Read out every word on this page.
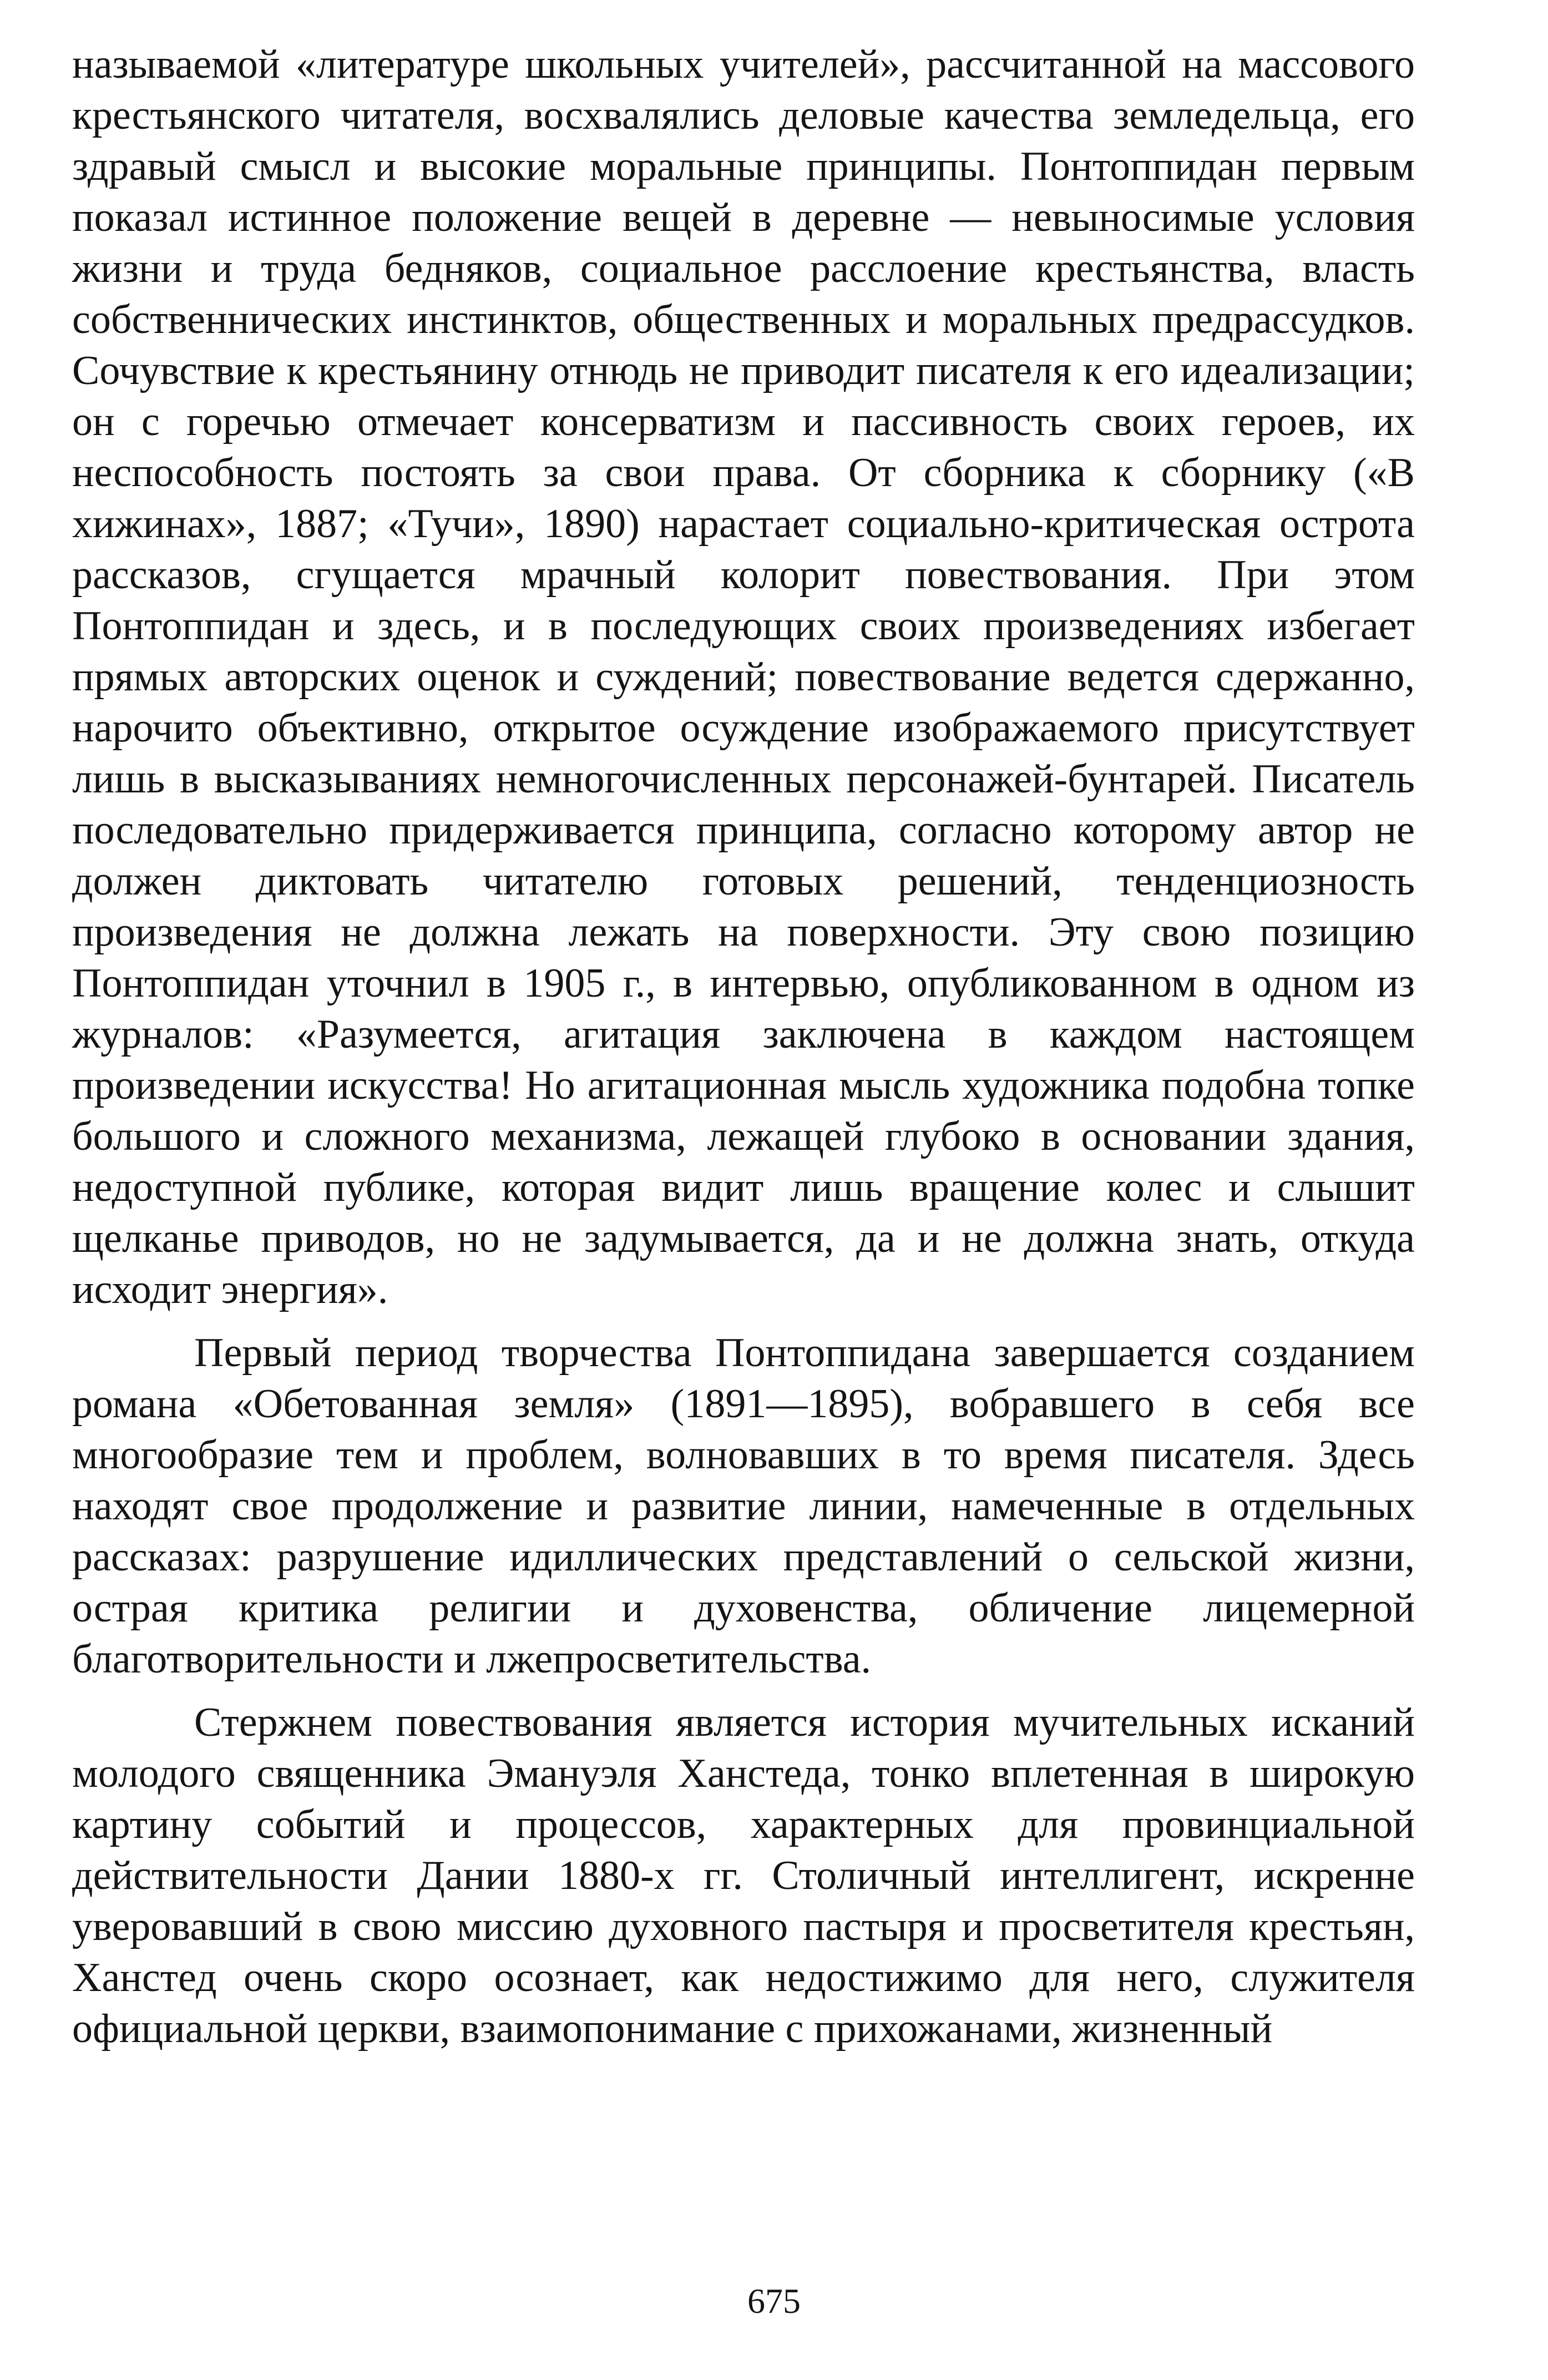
называемой «литературе школьных учителей», рассчитанной на массового крестьянского читателя, восхвалялись деловые качества земледельца, его здравый смысл и высокие моральные принципы. Понтоппидан первым показал истинное положение вещей в деревне — невыносимые условия жизни и труда бедняков, социальное расслоение крестьянства, власть собственнических инстинктов, общественных и моральных предрассудков. Сочувствие к крестьянину отнюдь не приводит писателя к его идеализации; он с горечью отмечает консерватизм и пассивность своих героев, их неспособность постоять за свои права. От сборника к сборнику («В хижинах», 1887; «Тучи», 1890) нарастает социально-критическая острота рассказов, сгущается мрачный колорит повествования. При этом Понтоппидан и здесь, и в последующих своих произведениях избегает прямых авторских оценок и суждений; повествование ведется сдержанно, нарочито объективно, открытое осуждение изображаемого присутствует лишь в высказываниях немногочисленных персонажей-бунтарей. Писатель последовательно придерживается принципа, согласно которому автор не должен диктовать читателю готовых решений, тенденциозность произведения не должна лежать на поверхности. Эту свою позицию Понтоппидан уточнил в 1905 г., в интервью, опубликованном в одном из журналов: «Разумеется, агитация заключена в каждом настоящем произведении искусства! Но агитационная мысль художника подобна топке большого и сложного механизма, лежащей глубоко в основании здания, недоступной публике, которая видит лишь вращение колес и слышит щелканье приводов, но не задумывается, да и не должна знать, откуда исходит энергия».

Первый период творчества Понтоппидана завершается созданием романа «Обетованная земля» (1891—1895), вобравшего в себя все многообразие тем и проблем, волновавших в то время писателя. Здесь находят свое продолжение и развитие линии, намеченные в отдельных рассказах: разрушение идиллических представлений о сельской жизни, острая критика религии и духовенства, обличение лицемерной благотворительности и лжепросветительства.

Стержнем повествования является история мучительных исканий молодого священника Эмануэля Ханстеда, тонко вплетенная в широкую картину событий и процессов, характерных для провинциальной действительности Дании 1880-х гг. Столичный интеллигент, искренне уверовавший в свою миссию духовного пастыря и просветителя крестьян, Ханстед очень скоро осознает, как недостижимо для него, служителя официальной церкви, взаимопонимание с прихожанами, жизненный

675
